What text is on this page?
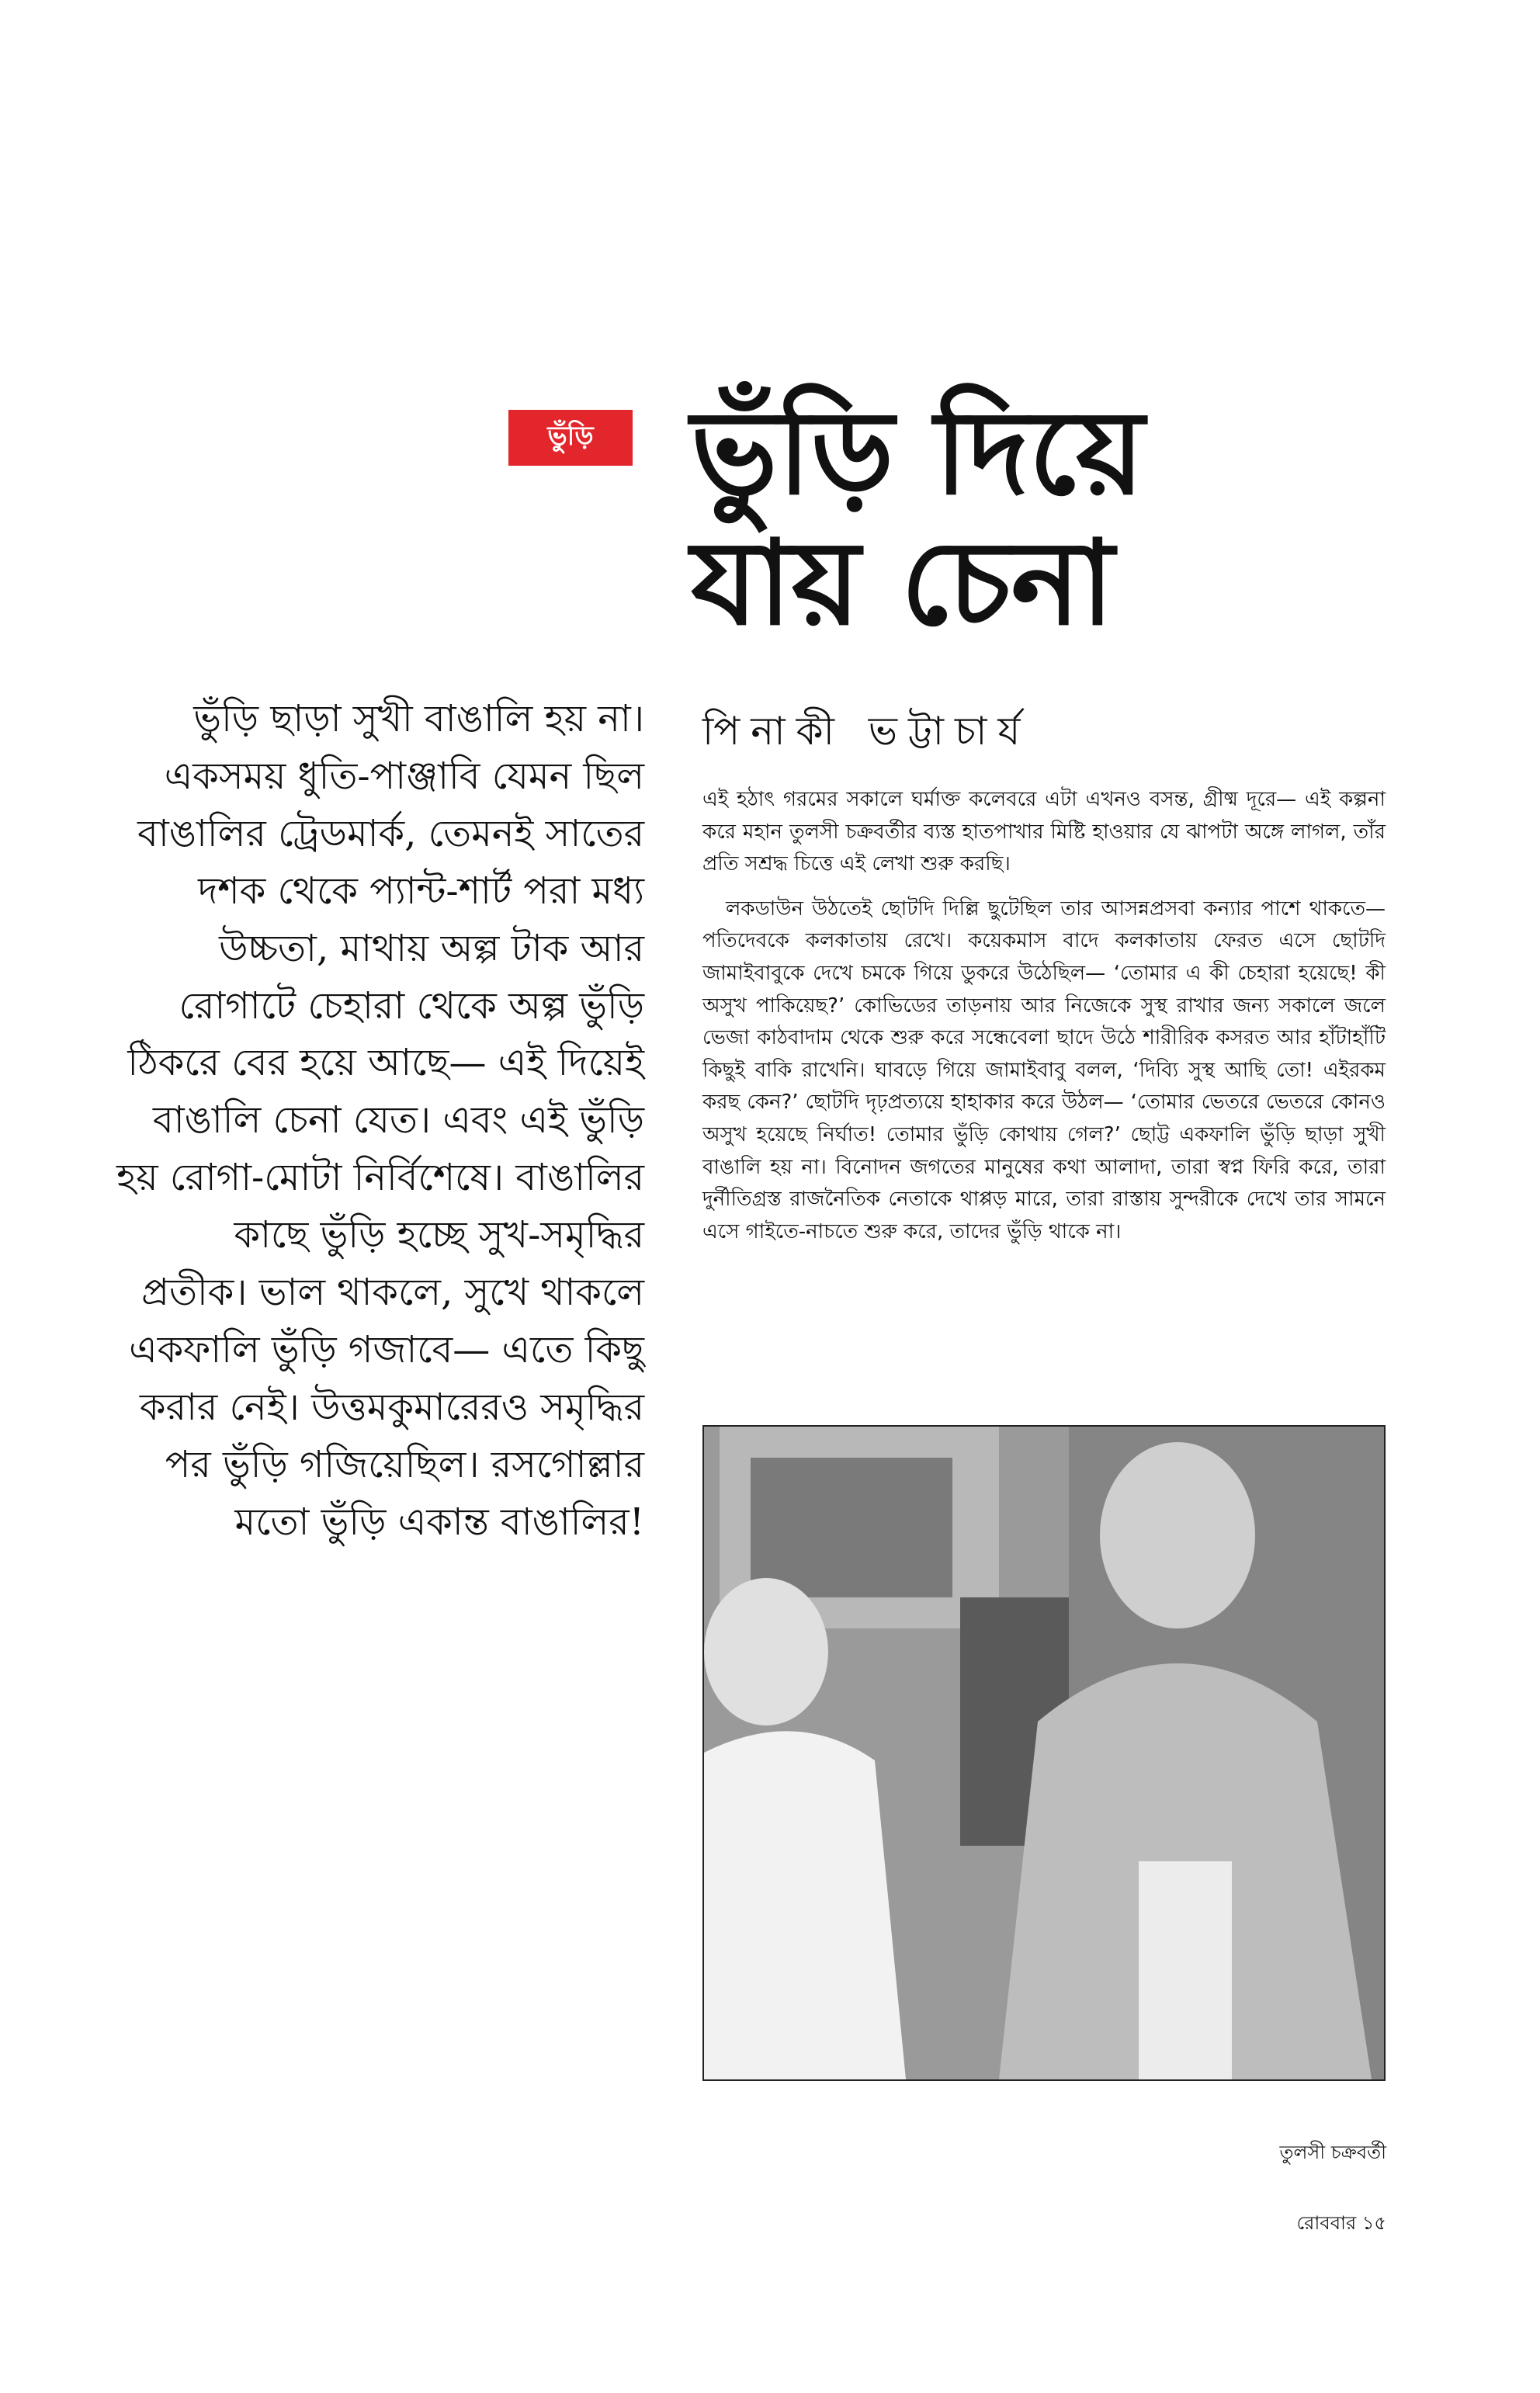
ভুঁড়ি ভুঁড়ি দিয়ে
যায় চেনা

ভুঁড়ি ছাড়া সুখী বাঙালি হয় না। একসময় ধুতি-পাঞ্জাবি যেমন ছিল বাঙালির ট্রেডমার্ক, তেমনই সাতের দশক থেকে প্যান্ট-শার্ট পরা মধ্য উচ্চতা, মাথায় অল্প টাক আর রোগাটে চেহারা থেকে অল্প ভুঁড়ি ঠিকরে বের হয়ে আছে— এই দিয়েই বাঙালি চেনা যেত। এবং এই ভুঁড়ি হয় রোগা-মোটা নির্বিশেষে। বাঙালির কাছে ভুঁড়ি হচ্ছে সুখ-সমৃদ্ধির প্রতীক। ভাল থাকলে, সুখে থাকলে একফালি ভুঁড়ি গজাবে— এতে কিছু করার নেই। উত্তমকুমারেরও সমৃদ্ধির পর ভুঁড়ি গজিয়েছিল। রসগোল্লার মতো ভুঁড়ি একান্ত বাঙালির!

পিনাকী ভট্টাচার্য

এই হঠাৎ গরমের সকালে ঘর্মাক্ত কলেবরে এটা এখনও বসন্ত, গ্রীষ্ম দূরে— এই কল্পনা করে মহান তুলসী চক্রবর্তীর ব্যস্ত হাতপাখার মিষ্টি হাওয়ার যে ঝাপটা অঙ্গে লাগল, তাঁর প্রতি সশ্রদ্ধ চিত্তে এই লেখা শুরু করছি।

লকডাউন উঠতেই ছোটদি দিল্লি ছুটেছিল তার আসন্নপ্রসবা কন্যার পাশে থাকতে— পতিদেবকে কলকাতায় রেখে। কয়েকমাস বাদে কলকাতায় ফেরত এসে ছোটদি জামাইবাবুকে দেখে চমকে গিয়ে ডুকরে উঠেছিল— ‘তোমার এ কী চেহারা হয়েছে! কী অসুখ পাকিয়েছ?’ কোভিডের তাড়নায় আর নিজেকে সুস্থ রাখার জন্য সকালে জলে ভেজা কাঠবাদাম থেকে শুরু করে সন্ধেবেলা ছাদে উঠে শারীরিক কসরত আর হাঁটাহাঁটি কিছুই বাকি রাখেনি। ঘাবড়ে গিয়ে জামাইবাবু বলল, ‘দিব্যি সুস্থ আছি তো! এইরকম করছ কেন?’ ছোটদি দৃঢ়প্রত্যয়ে হাহাকার করে উঠল— ‘তোমার ভেতরে ভেতরে কোনও অসুখ হয়েছে নির্ঘাত! তোমার ভুঁড়ি কোথায় গেল?’ ছোট্ট একফালি ভুঁড়ি ছাড়া সুখী বাঙালি হয় না। বিনোদন জগতের মানুষের কথা আলাদা, তারা স্বপ্ন ফিরি করে, তারা দুর্নীতিগ্রস্ত রাজনৈতিক নেতাকে থাপ্পড় মারে, তারা রাস্তায় সুন্দরীকে দেখে তার সামনে এসে গাইতে-নাচতে শুরু করে, তাদের ভুঁড়ি থাকে না।

তুলসী চক্রবর্তী

রোববার ১৫
